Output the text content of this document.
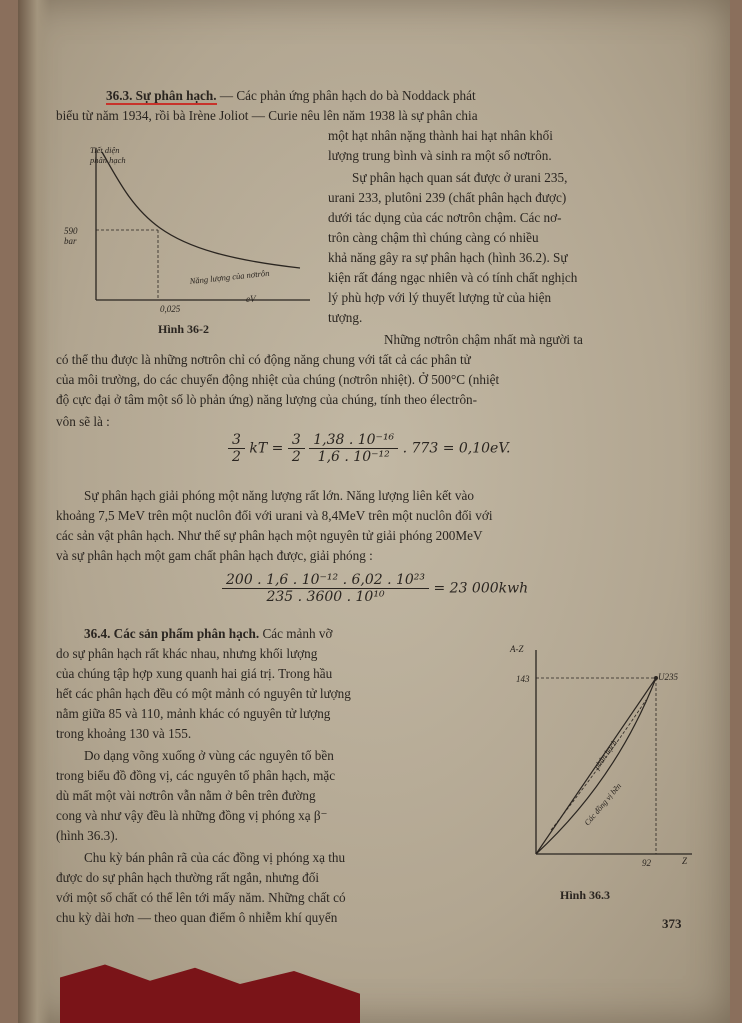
36.3. Sự phân hạch. — Các phản ứng phân hạch do bà Noddack phát

biểu từ năm 1934, rồi bà Irène Joliot — Curie nêu lên năm 1938 là sự phân chia

một hạt nhân nặng thành hai hạt nhân khối

lượng trung bình và sinh ra một số nơtrôn.

Sự phân hạch quan sát được ở urani 235,

urani 233, plutôni 239 (chất phân hạch được)

dưới tác dụng của các nơtrôn chậm. Các nơ-

trôn càng chậm thì chúng càng có nhiều

khả năng gây ra sự phân hạch (hình 36.2). Sự

kiện rất đáng ngạc nhiên và có tính chất nghịch

lý phù hợp với lý thuyết lượng tử của hiện

tượng.

Những nơtrôn chậm nhất mà người ta

có thể thu được là những nơtrôn chỉ có động năng chung với tất cả các phân tử

của môi trường, do các chuyển động nhiệt của chúng (nơtrôn nhiệt). Ở 500°C (nhiệt

độ cực đại ở tâm một số lò phản ứng) năng lượng của chúng, tính theo électrôn-

vôn sẽ là :

Tiết diện
phân hạch
590
bar
Năng lượng của nơtrôn
0,025
eV
Hình 36-2
$\frac{3}{2}$ kT = $\frac{3}{2}$
$\frac{\text{1,38 . 10⁻¹⁶}}{\text{1,6 . 10⁻¹²}}$ . 773 = 0,10eV.

Sự phân hạch giải phóng một năng lượng rất lớn. Năng lượng liên kết vào

khoảng 7,5 MeV trên một nuclôn đối với urani và 8,4MeV trên một nuclôn đối với

các sản vật phân hạch. Như thế sự phân hạch một nguyên tử giải phóng 200MeV

và sự phân hạch một gam chất phân hạch được, giải phóng :

$\frac{\text{200 . 1,6 . 10⁻¹² . 6,02 . 10²³}}{\text{235 . 3600 . 10¹⁰}} = 23$ 000kwh

36.4. Các sản phẩm phân hạch. Các mảnh vỡ

do sự phân hạch rất khác nhau, nhưng khối lượng

của chúng tập hợp xung quanh hai giá trị. Trong hầu

hết các phân hạch đều có một mảnh có nguyên tử lượng

nằm giữa 85 và 110, mảnh khác có nguyên tử lượng

trong khoảng 130 và 155.

Do dạng võng xuống ở vùng các nguyên tố bền

trong biểu đồ đồng vị, các nguyên tố phân hạch, mặc

dù mất một vài nơtrôn vẫn nằm ở bên trên đường

cong và như vậy đều là những đồng vị phóng xạ β⁻

(hình 36.3).

Chu kỳ bán phân rã của các đồng vị phóng xạ thu

được do sự phân hạch thường rất ngắn, nhưng đối

với một số chất có thể lên tới mấy năm. Những chất có

chu kỳ dài hơn — theo quan điểm ô nhiễm khí quyển

A-Z
143	U235
Z
92
phân hạch
Các đồng vị bền
Hình 36.3
373
